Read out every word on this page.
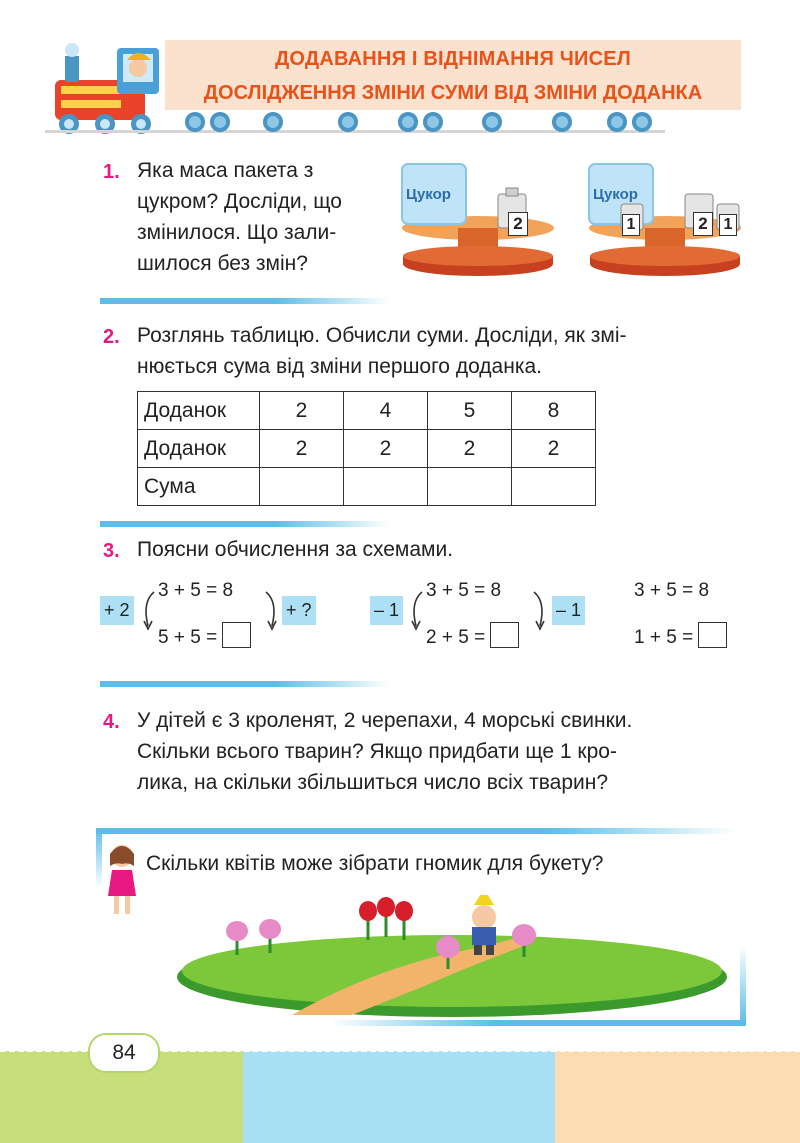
ДОДАВАННЯ І ВІДНІМАННЯ ЧИСЕЛ
ДОСЛІДЖЕННЯ ЗМІНИ СУМИ ВІД ЗМІНИ ДОДАНКА
1. Яка маса пакета з
цукром? Досліди, що
змінилося. Що зали-
шилося без змін?
Цукор
2
Цукор
1	2 1
2. Розглянь таблицю. Обчисли суми. Досліди, як змі-
нюється сума від зміни першого доданка.
Доданок	2	4	5	8
Доданок	2	2	2	2
Сума				
3. Поясни обчислення за схемами.
+ 2
3 + 5 = 8
5 + 5 =
+ ?	– 1
3 + 5 = 8
2 + 5 =
– 1
3 + 5 = 8
1 + 5 =
4. У дітей є 3 кроленят, 2 черепахи, 4 морські свинки.
Скільки всього тварин? Якщо придбати ще 1 кро-
лика, на скільки збільшиться число всіх тварин?
Скільки квітів може зібрати гномик для букету?
84
